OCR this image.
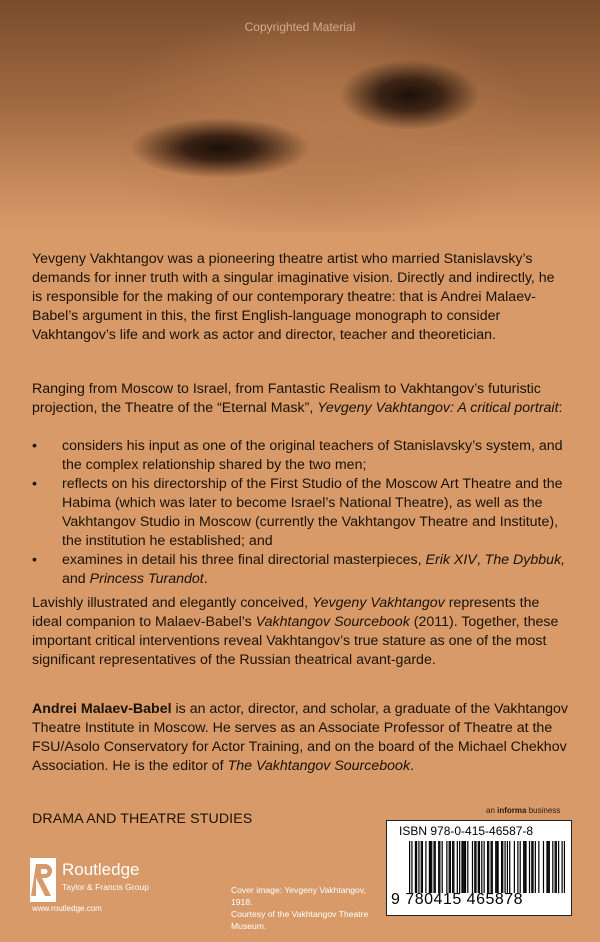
Copyrighted Material

Yevgeny Vakhtangov was a pioneering theatre artist who married Stanislavsky’s demands for inner truth with a singular imaginative vision. Directly and indirectly, he is responsible for the making of our contemporary theatre: that is Andrei Malaev-Babel’s argument in this, the first English-language monograph to consider Vakhtangov’s life and work as actor and director, teacher and theoretician.

Ranging from Moscow to Israel, from Fantastic Realism to Vakhtangov’s futuristic projection, the Theatre of the “Eternal Mask”, Yevgeny Vakhtangov: A critical portrait:

• considers his input as one of the original teachers of Stanislavsky’s system, and the complex relationship shared by the two men;
• reflects on his directorship of the First Studio of the Moscow Art Theatre and the Habima (which was later to become Israel’s National Theatre), as well as the Vakhtangov Studio in Moscow (currently the Vakhtangov Theatre and Institute), the institution he established; and
• examines in detail his three final directorial masterpieces, Erik XIV, The Dybbuk, and Princess Turandot.

Lavishly illustrated and elegantly conceived, Yevgeny Vakhtangov represents the ideal companion to Malaev-Babel’s Vakhtangov Sourcebook (2011). Together, these important critical interventions reveal Vakhtangov’s true stature as one of the most significant representatives of the Russian theatrical avant-garde.

Andrei Malaev-Babel is an actor, director, and scholar, a graduate of the Vakhtangov Theatre Institute in Moscow. He serves as an Associate Professor of Theatre at the FSU/Asolo Conservatory for Actor Training, and on the board of the Michael Chekhov Association. He is the editor of The Vakhtangov Sourcebook.

DRAMA AND THEATRE STUDIES
an informa business
ISBN 978-0-415-46587-8
9 780415 465878
Routledge
Taylor & Francis Group
www.routledge.com
Cover image: Yevgeny Vakhtangov, 1918.
Courtesy of the Vakhtangov Theatre Museum.
